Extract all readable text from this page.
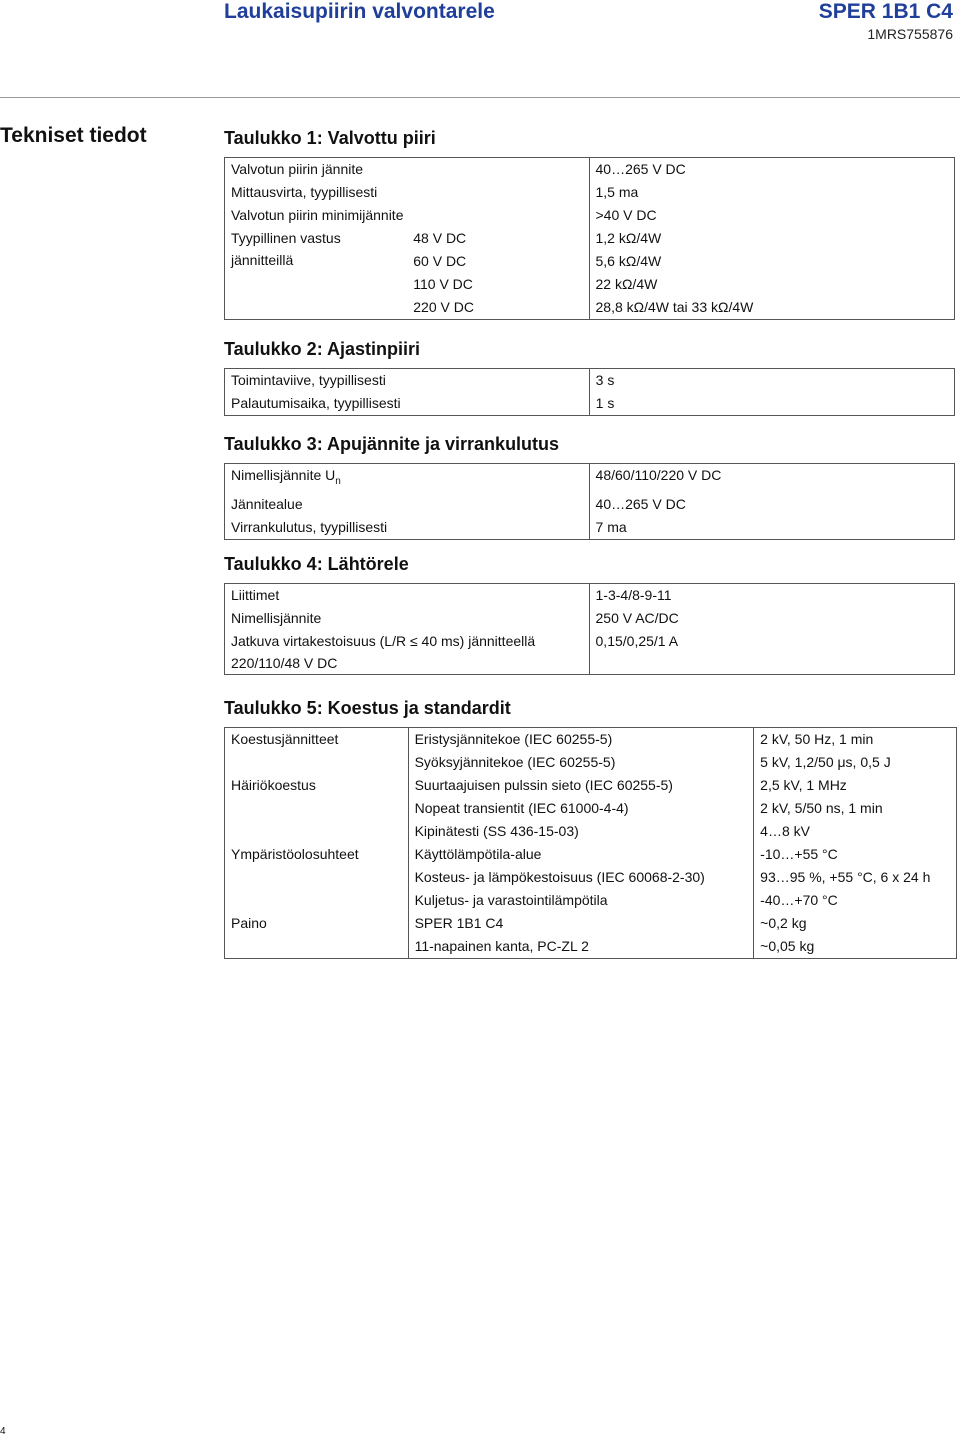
Laukaisupiirin valvontarele	SPER 1B1 C4
1MRS755876
Tekniset tiedot	Taulukko 1: Valvottu piiri
Valvotun piirin jännite		40…265 V DC
Mittausvirta, tyypillisesti		1,5 ma
Valvotun piirin minimijännite		>40 V DC
Tyypillinen vastus jännitteillä	48 V DC	1,2 kΩ/4W
	60 V DC	5,6 kΩ/4W
	110 V DC	22 kΩ/4W
	220 V DC	28,8 kΩ/4W tai 33 kΩ/4W
Taulukko 2: Ajastinpiiri
Toimintaviive, tyypillisesti	3 s
Palautumisaika, tyypillisesti	1 s
Taulukko 3: Apujännite ja virrankulutus
Nimellisjännite $U_n$	48/60/110/220 V DC
Jännitealue	40…265 V DC
Virrankulutus, tyypillisesti	7 ma
Taulukko 4: Lähtörele
Liittimet	1-3-4/8-9-11
Nimellisjännite	250 V AC/DC
Jatkuva virtakestoisuus (L/R ≤ 40 ms) jännitteellä 220/110/48 V DC	0,15/0,25/1 A
Taulukko 5: Koestus ja standardit
Koestusjännitteet	Eristysjännitekoe (IEC 60255-5)	2 kV, 50 Hz, 1 min
	Syöksyjännitekoe (IEC 60255-5)	5 kV, 1,2/50 μs, 0,5 J
Häiriökoestus	Suurtaajuisen pulssin sieto (IEC 60255-5)	2,5 kV, 1 MHz
	Nopeat transientit (IEC 61000-4-4)	2 kV, 5/50 ns, 1 min
	Kipinätesti (SS 436-15-03)	4…8 kV
Ympäristöolosuhteet	Käyttölämpötila-alue	-10…+55 °C
	Kosteus- ja lämpökestoisuus (IEC 60068-2-30)	93…95 %, +55 °C, 6 x 24 h
	Kuljetus- ja varastointilämpötila	-40…+70 °C
Paino	SPER 1B1 C4	~0,2 kg
	11-napainen kanta, PC-ZL 2	~0,05 kg
4
